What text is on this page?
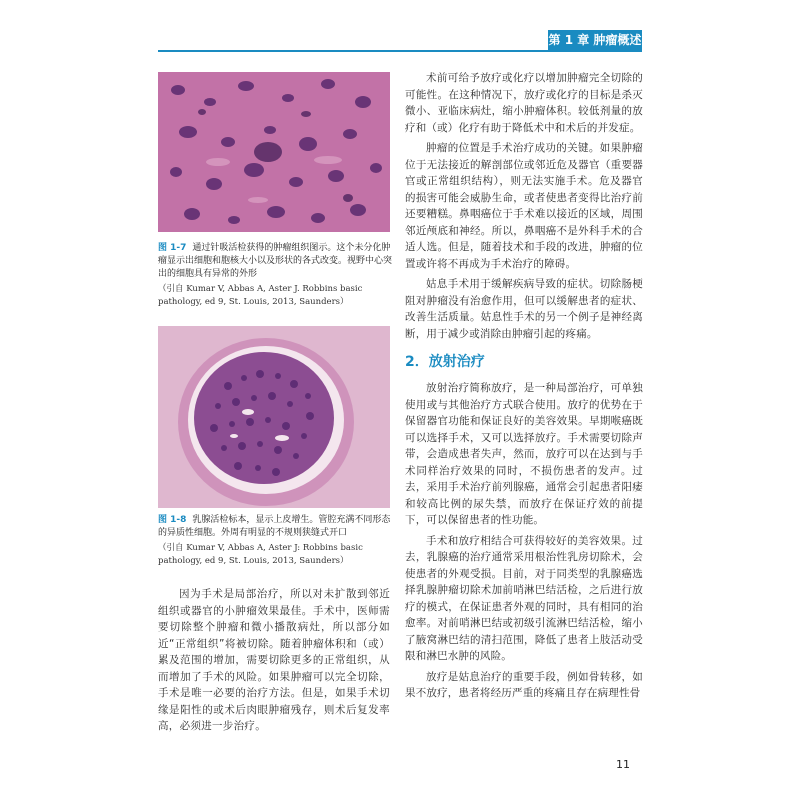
第 1 章 肿瘤概述
图 1-7 通过针吸活检获得的肿瘤组织图示。这个未分化肿瘤显示出细胞和胞核大小以及形状的各式改变。视野中心突出的细胞具有异常的外形
（引自 Kumar V, Abbas A, Aster J. Robbins basic pathology, ed 9, St. Louis, 2013, Saunders）
图 1-8 乳腺活检标本，显示上皮增生。管腔充满不同形态的异质性细胞。外周有明显的不规则狭缝式开口
（引自 Kumar V, Abbas A, Aster J: Robbins basic pathology, ed 9, St. Louis, 2013, Saunders）
因为手术是局部治疗，所以对未扩散到邻近组织或器官的小肿瘤效果最佳。手术中，医师需要切除整个肿瘤和微小播散病灶，所以部分如近“正常组织”将被切除。随着肿瘤体积和（或）累及范围的增加，需要切除更多的正常组织，从而增加了手术的风险。如果肿瘤可以完全切除，手术是唯一必要的治疗方法。但是，如果手术切缘是阳性的或术后肉眼肿瘤残存，则术后复发率高，必须进一步治疗。

术前可给予放疗或化疗以增加肿瘤完全切除的可能性。在这种情况下，放疗或化疗的目标是杀灭微小、亚临床病灶，缩小肿瘤体积。较低剂量的放疗和（或）化疗有助于降低术中和术后的并发症。

肿瘤的位置是手术治疗成功的关键。如果肿瘤位于无法接近的解剖部位或邻近危及器官（重要器官或正常组织结构），则无法实施手术。危及器官的损害可能会威胁生命，或者使患者变得比治疗前还要糟糕。鼻咽癌位于手术难以接近的区域，周围邻近颅底和神经。所以，鼻咽癌不是外科手术的合适人选。但是，随着技术和手段的改进，肿瘤的位置或许将不再成为手术治疗的障碍。

姑息手术用于缓解疾病导致的症状。切除肠梗阻对肿瘤没有治愈作用，但可以缓解患者的症状、改善生活质量。姑息性手术的另一个例子是神经离断，用于减少或消除由肿瘤引起的疼痛。

2．放射治疗

放射治疗简称放疗，是一种局部治疗，可单独使用或与其他治疗方式联合使用。放疗的优势在于保留器官功能和保证良好的美容效果。早期喉癌既可以选择手术，又可以选择放疗。手术需要切除声带，会造成患者失声，然而，放疗可以在达到与手术同样治疗效果的同时，不损伤患者的发声。过去，采用手术治疗前列腺癌，通常会引起患者阳痿和较高比例的尿失禁，而放疗在保证疗效的前提下，可以保留患者的性功能。

手术和放疗相结合可获得较好的美容效果。过去，乳腺癌的治疗通常采用根治性乳房切除术，会使患者的外观受损。目前，对于同类型的乳腺癌选择乳腺肿瘤切除术加前哨淋巴结活检，之后进行放疗的模式，在保证患者外观的同时，具有相同的治愈率。对前哨淋巴结或初级引流淋巴结活检，缩小了腋窝淋巴结的清扫范围，降低了患者上肢活动受限和淋巴水肿的风险。

放疗是姑息治疗的重要手段，例如骨转移，如果不放疗，患者将经历严重的疼痛且存在病理性骨

11
